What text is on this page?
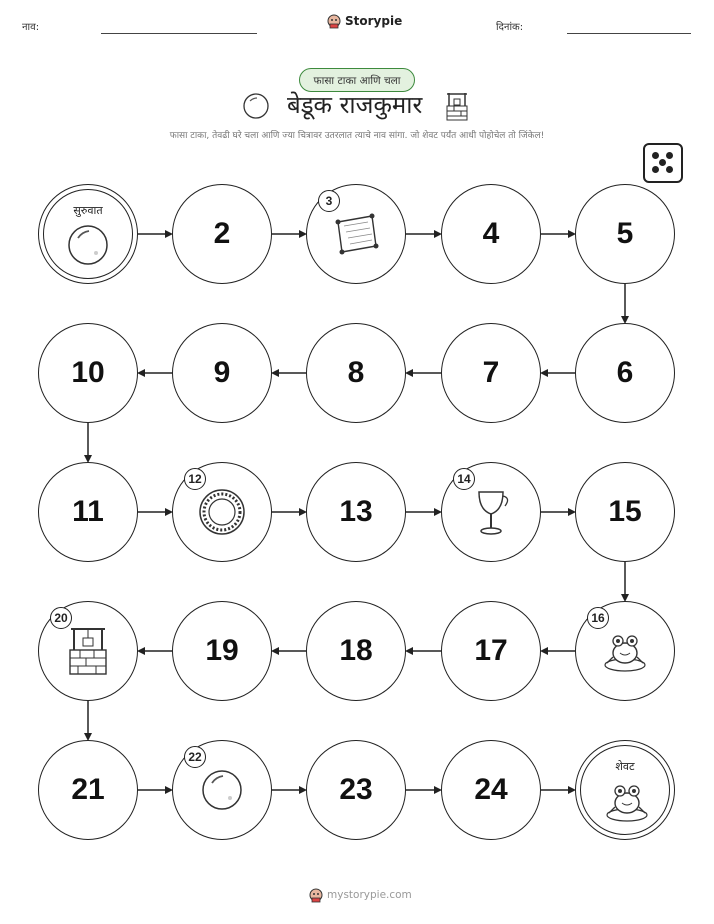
नाव:	Storypie	दिनांक:
फासा टाका आणि चला
बेडूक राजकुमार
फासा टाका, तेवढी घरे चला आणि ज्या चित्रावर उतरलात त्याचे नाव सांगा. जो शेवट पर्यंत आधी पोहोचेल तो जिंकेल!
शेवट
24
23
21
19	18	17
15
13
11
10	9	8	7	6
5
4
2
सुरुवात
3
12	14
16
20
22
mystorypie.com
